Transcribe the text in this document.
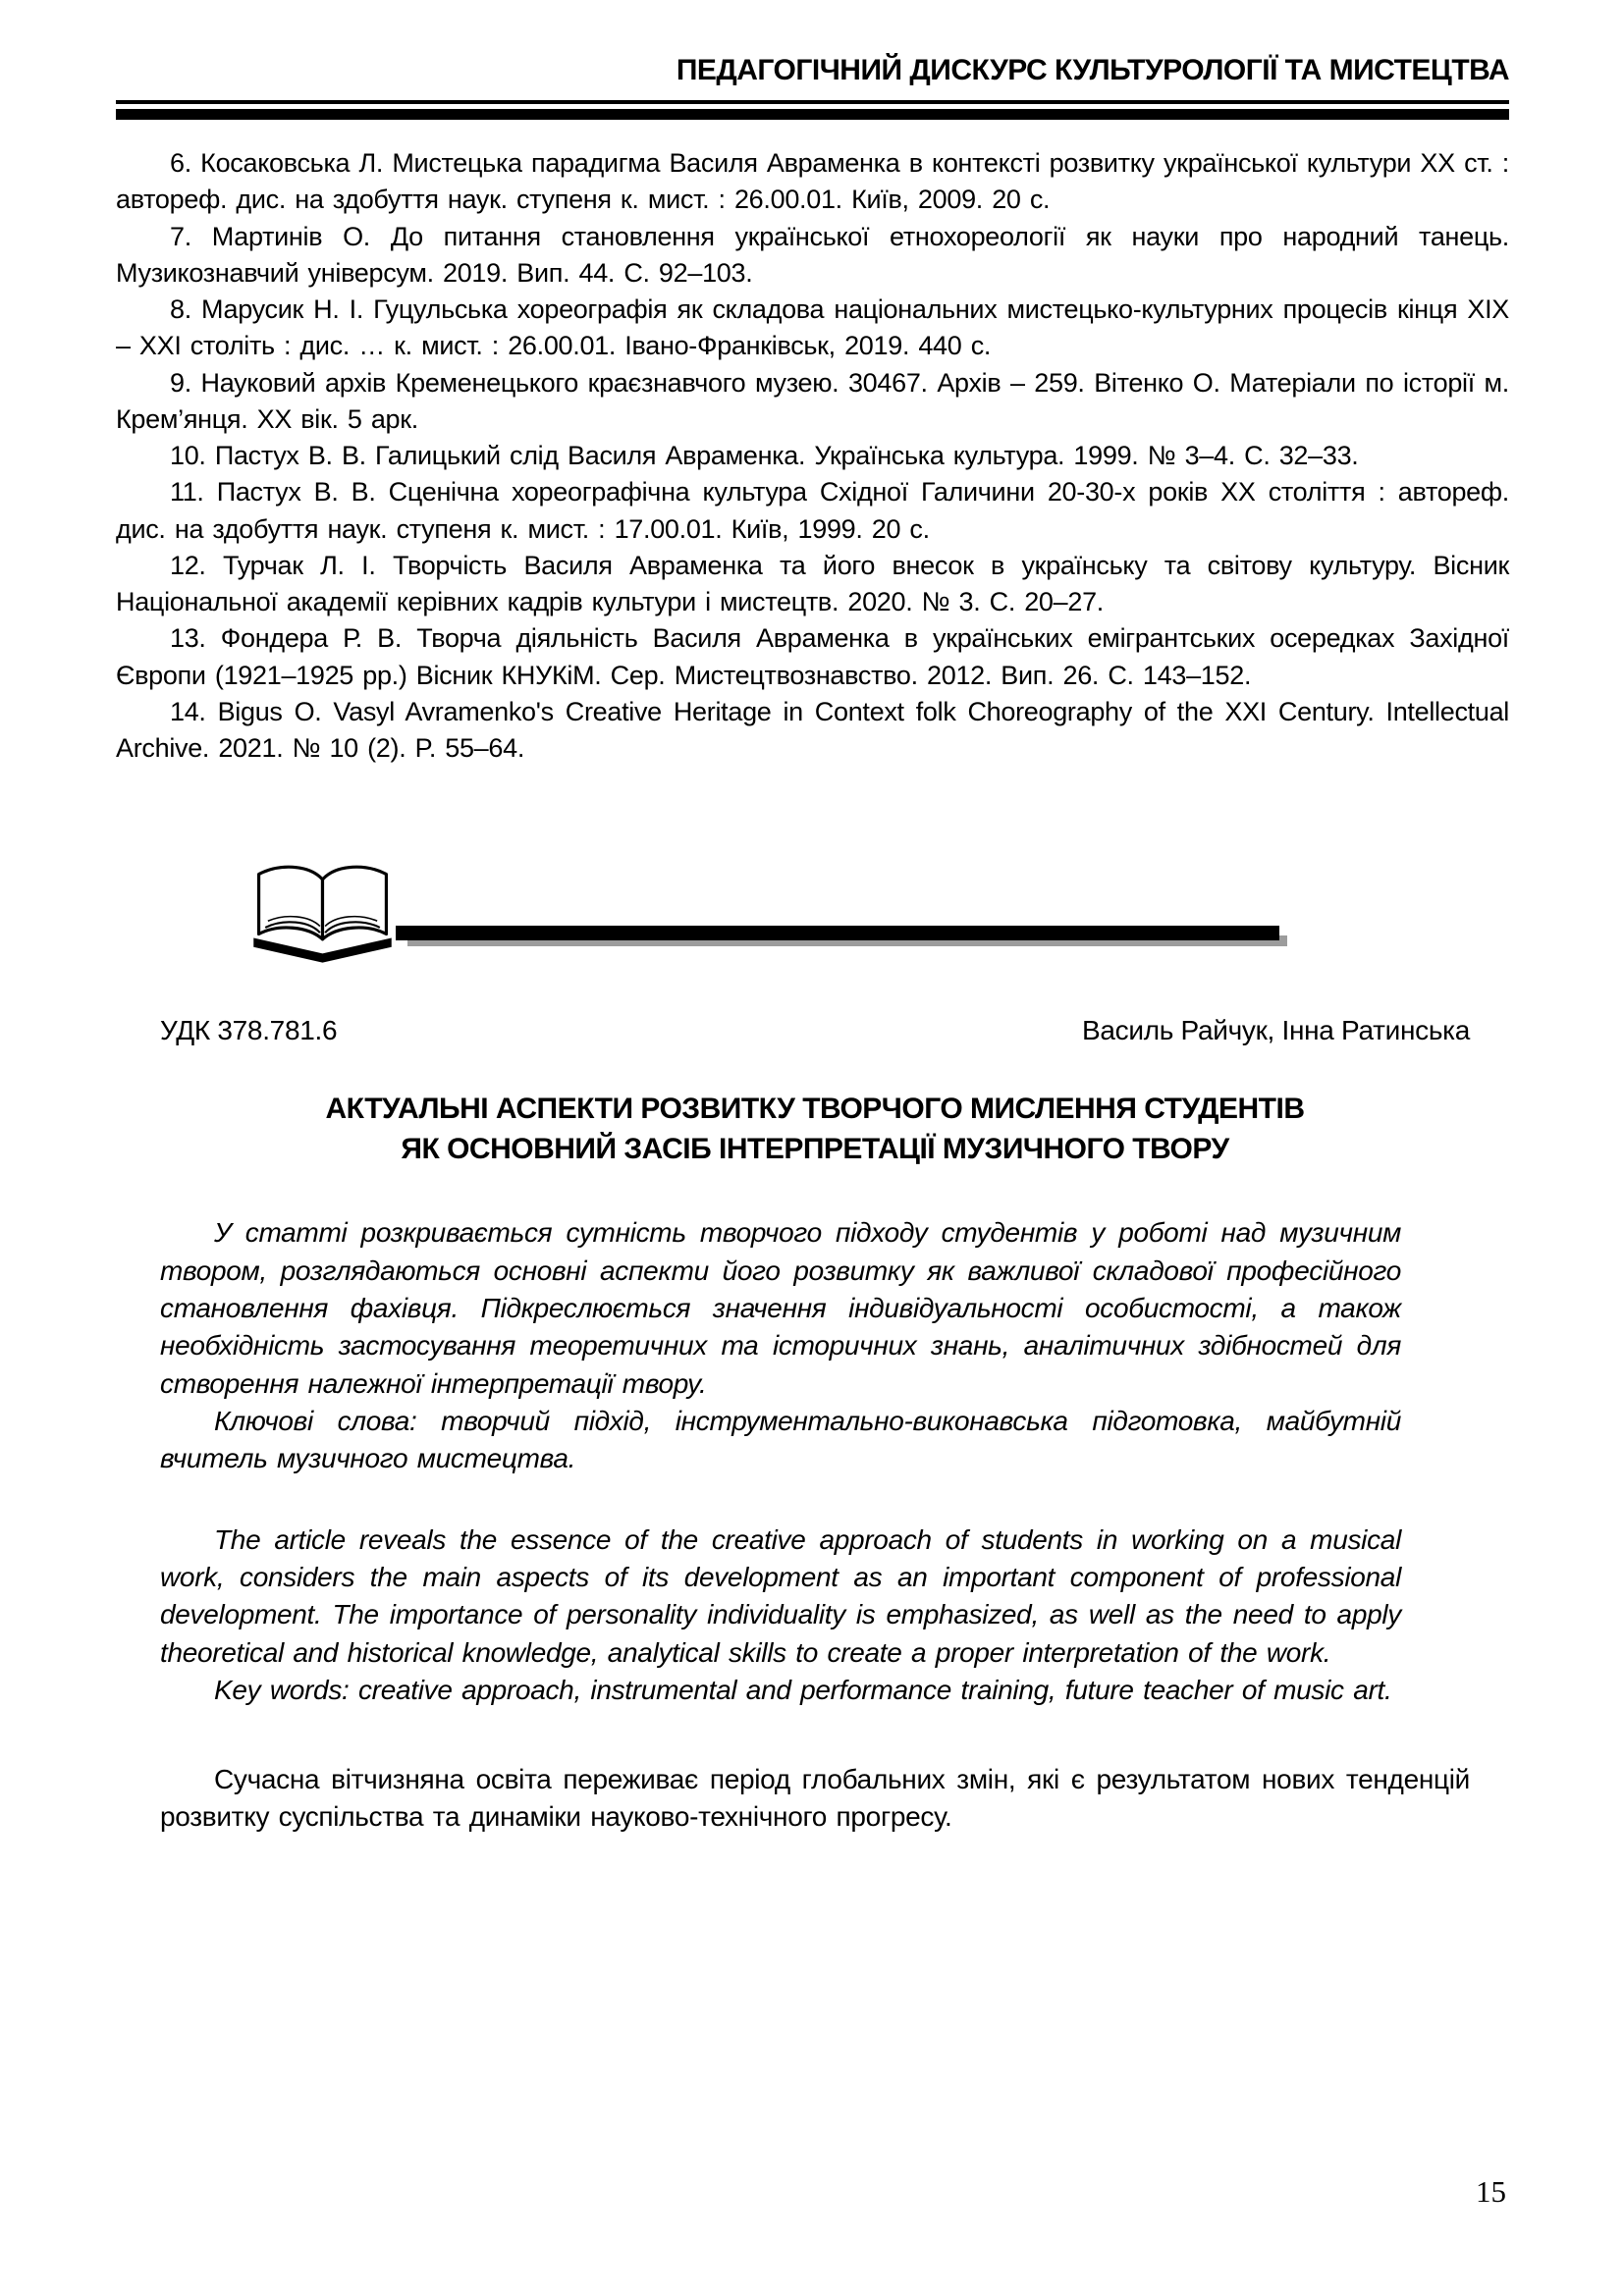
ПЕДАГОГІЧНИЙ ДИСКУРС КУЛЬТУРОЛОГІЇ ТА МИСТЕЦТВА

6. Косаковська Л. Мистецька парадигма Василя Авраменка в контексті розвитку української культури ХХ ст. : автореф. дис. на здобуття наук. ступеня к. мист. : 26.00.01. Київ, 2009. 20 с.

7. Мартинів О. До питання становлення української етнохореології як науки про народний танець. Музикознавчий універсум. 2019. Вип. 44. С. 92–103.

8. Марусик Н. І. Гуцульська хореографія як складова національних мистецько-культурних процесів кінця ХІХ – ХХІ століть : дис. … к. мист. : 26.00.01. Івано-Франківськ, 2019. 440 с.

9. Науковий архів Кременецького краєзнавчого музею. 30467. Архів – 259. Вітенко О. Матеріали по історії м. Крем’янця. ХХ вік. 5 арк.

10. Пастух В. В. Галицький слід Василя Авраменка. Українська культура. 1999. № 3–4. С. 32–33.

11. Пастух В. В. Сценічна хореографічна культура Східної Галичини 20-30-х років ХХ століття : автореф. дис. на здобуття наук. ступеня к. мист. : 17.00.01. Київ, 1999. 20 с.

12. Турчак Л. І. Творчість Василя Авраменка та його внесок в українську та світову культуру. Вісник Національної академії керівних кадрів культури і мистецтв. 2020. № 3. С. 20–27.

13. Фондера Р. В. Творча діяльність Василя Авраменка в українських емігрантських осередках Західної Європи (1921–1925 рр.) Вісник КНУКіМ. Сер. Мистецтвознавство. 2012. Вип. 26. С. 143–152.

14. Bigus O. Vasyl Avramenko's Creative Heritage in Context folk Choreography of the XXI Century. Intellectual Archive. 2021. № 10 (2). P. 55–64.

УДК 378.781.6	Василь Райчук, Інна Ратинська
АКТУАЛЬНІ АСПЕКТИ РОЗВИТКУ ТВОРЧОГО МИСЛЕННЯ СТУДЕНТІВ
ЯК ОСНОВНИЙ ЗАСІБ ІНТЕРПРЕТАЦІЇ МУЗИЧНОГО ТВОРУ

У статті розкривається сутність творчого підходу студентів у роботі над музичним твором, розглядаються основні аспекти його розвитку як важливої складової професійного становлення фахівця. Підкреслюється значення індивідуальності особистості, а також необхідність застосування теоретичних та історичних знань, аналітичних здібностей для створення належної інтерпретації твору.

Ключові слова: творчий підхід, інструментально-виконавська підготовка, майбутній вчитель музичного мистецтва.

The article reveals the essence of the creative approach of students in working on a musical work, considers the main aspects of its development as an important component of professional development. The importance of personality individuality is emphasized, as well as the need to apply theoretical and historical knowledge, analytical skills to create a proper interpretation of the work.

Key words: creative approach, instrumental and performance training, future teacher of music art.

Сучасна вітчизняна освіта переживає період глобальних змін, які є результатом нових тенденцій розвитку суспільства та динаміки науково-технічного прогресу.

15
